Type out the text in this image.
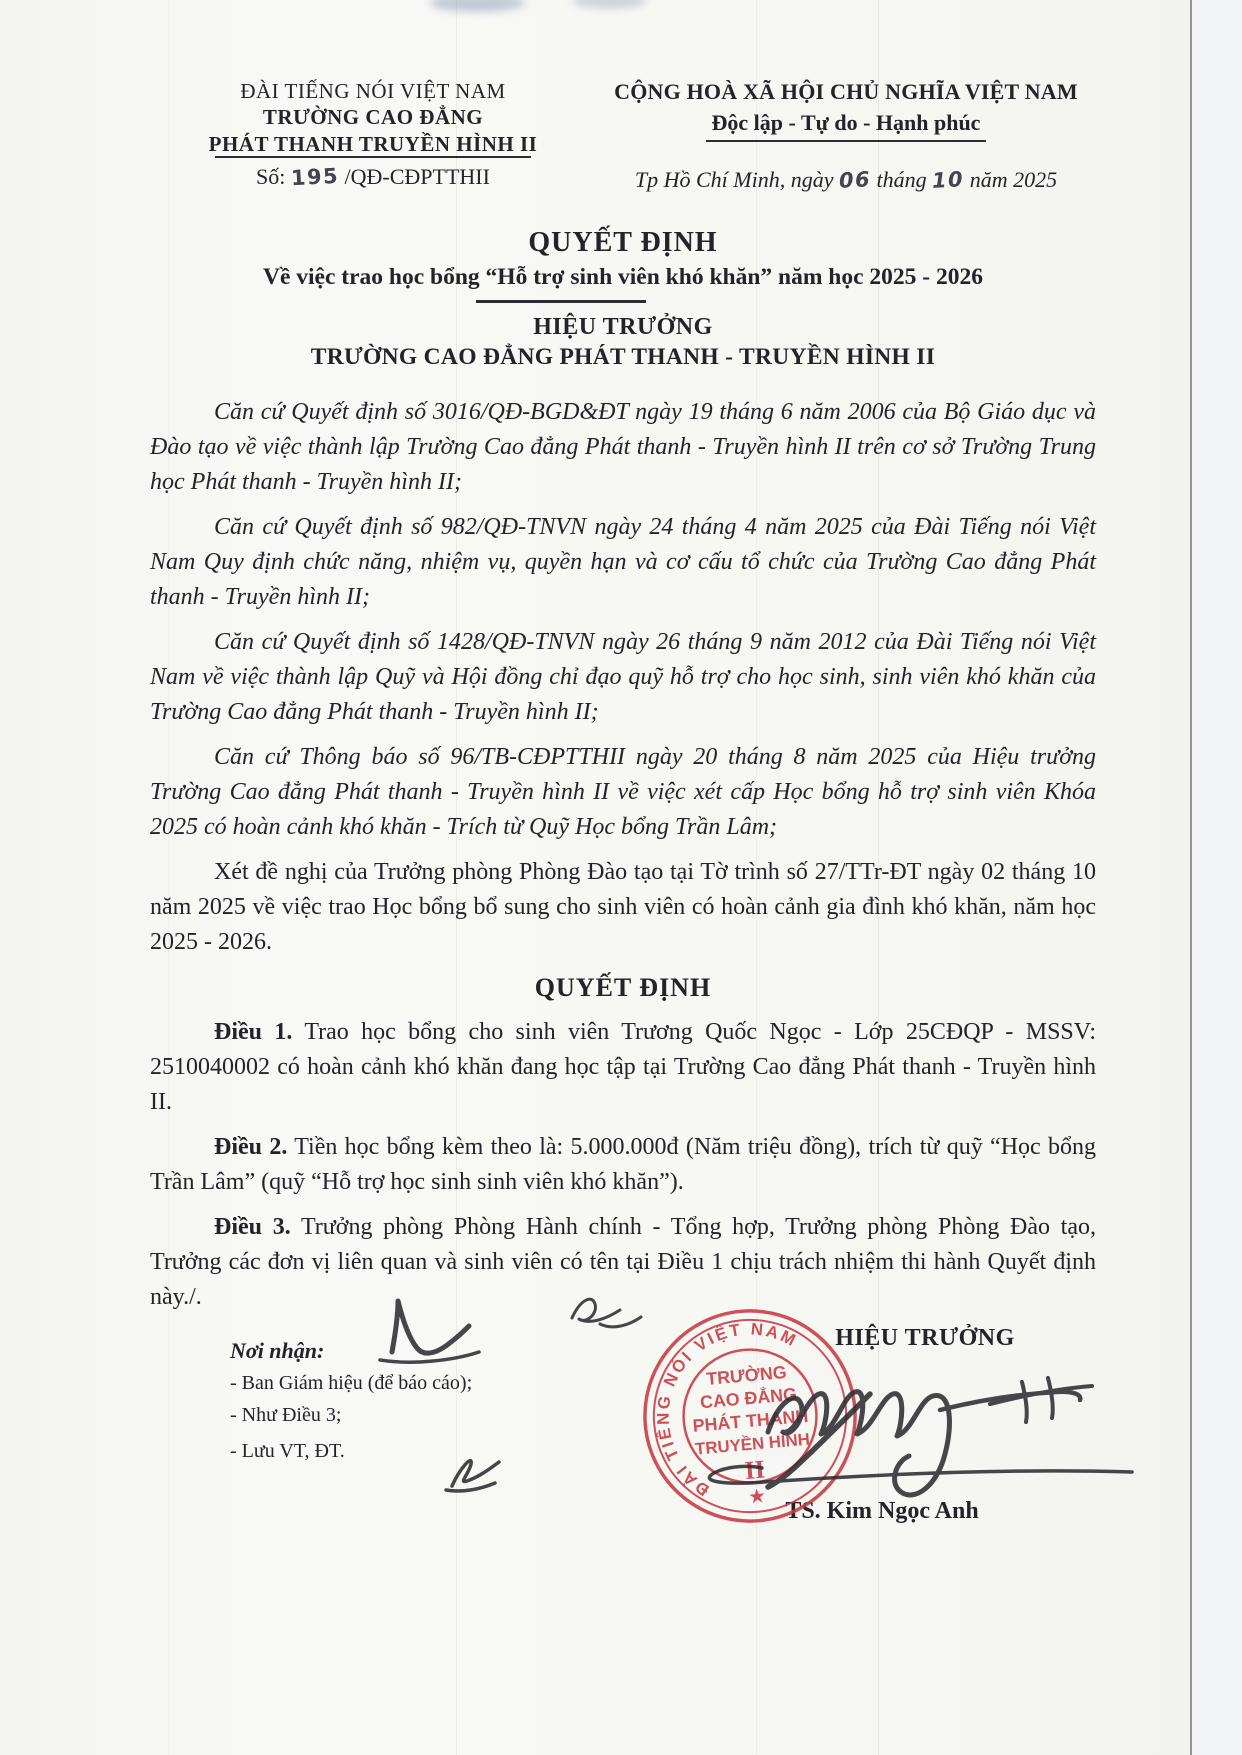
ĐÀI TIẾNG NÓI VIỆT NAM
TRƯỜNG CAO ĐẲNG
PHÁT THANH TRUYỀN HÌNH II
Số: 195 /QĐ-CĐPTTHII
CỘNG HOÀ XÃ HỘI CHỦ NGHĨA VIỆT NAM
Độc lập - Tự do - Hạnh phúc
Tp Hồ Chí Minh, ngày 06 tháng 10 năm 2025
QUYẾT ĐỊNH
Về việc trao học bổng “Hỗ trợ sinh viên khó khăn” năm học 2025 - 2026
HIỆU TRƯỞNG
TRƯỜNG CAO ĐẲNG PHÁT THANH - TRUYỀN HÌNH II

Căn cứ Quyết định số 3016/QĐ-BGD&ĐT ngày 19 tháng 6 năm 2006 của Bộ Giáo dục và Đào tạo về việc thành lập Trường Cao đẳng Phát thanh - Truyền hình II trên cơ sở Trường Trung học Phát thanh - Truyền hình II;

Căn cứ Quyết định số 982/QĐ-TNVN ngày 24 tháng 4 năm 2025 của Đài Tiếng nói Việt Nam Quy định chức năng, nhiệm vụ, quyền hạn và cơ cấu tổ chức của Trường Cao đẳng Phát thanh - Truyền hình II;

Căn cứ Quyết định số 1428/QĐ-TNVN ngày 26 tháng 9 năm 2012 của Đài Tiếng nói Việt Nam về việc thành lập Quỹ và Hội đồng chỉ đạo quỹ hỗ trợ cho học sinh, sinh viên khó khăn của Trường Cao đẳng Phát thanh - Truyền hình II;

Căn cứ Thông báo số 96/TB-CĐPTTHII ngày 20 tháng 8 năm 2025 của Hiệu trưởng Trường Cao đẳng Phát thanh - Truyền hình II về việc xét cấp Học bổng hỗ trợ sinh viên Khóa 2025 có hoàn cảnh khó khăn - Trích từ Quỹ Học bổng Trần Lâm;

Xét đề nghị của Trưởng phòng Phòng Đào tạo tại Tờ trình số 27/TTr-ĐT ngày 02 tháng 10 năm 2025 về việc trao Học bổng bổ sung cho sinh viên có hoàn cảnh gia đình khó khăn, năm học 2025 - 2026.

QUYẾT ĐỊNH

Điều 1. Trao học bổng cho sinh viên Trương Quốc Ngọc - Lớp 25CĐQP - MSSV: 2510040002 có hoàn cảnh khó khăn đang học tập tại Trường Cao đẳng Phát thanh - Truyền hình II.

Điều 2. Tiền học bổng kèm theo là: 5.000.000đ (Năm triệu đồng), trích từ quỹ “Học bổng Trần Lâm” (quỹ “Hỗ trợ học sinh sinh viên khó khăn”).

Điều 3. Trưởng phòng Phòng Hành chính - Tổng hợp, Trưởng phòng Phòng Đào tạo, Trưởng các đơn vị liên quan và sinh viên có tên tại Điều 1 chịu trách nhiệm thi hành Quyết định này./.

Nơi nhận:
- Ban Giám hiệu (để báo cáo);
- Như Điều 3;
- Lưu VT, ĐT.
HIỆU TRƯỞNG
TS. Kim Ngọc Anh
ĐÀI TIẾNG NÓI VIỆT NAM
★
TRƯỜNG
CAO ĐẲNG
PHÁT THANH
TRUYỀN HÌNH
II
